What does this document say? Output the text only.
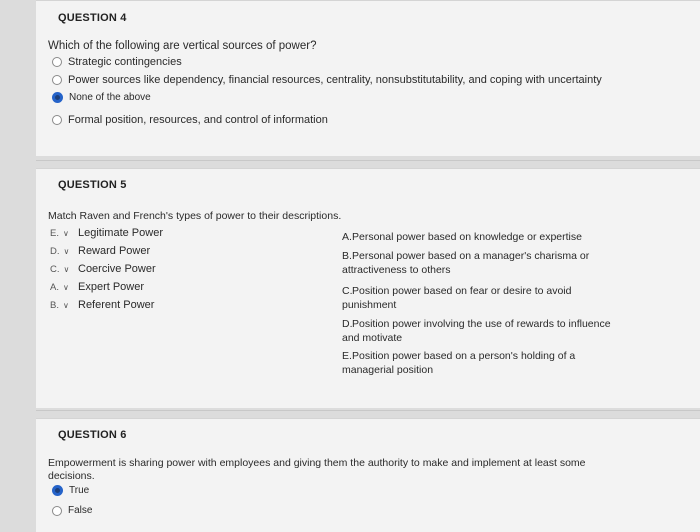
QUESTION 4
Which of the following are vertical sources of power?
Strategic contingencies
Power sources like dependency, financial resources, centrality, nonsubstitutability, and coping with uncertainty
None of the above
Formal position, resources, and control of information
QUESTION 5
Match Raven and French's types of power to their descriptions.
E. ∨ Legitimate Power
D. ∨ Reward Power
C. ∨ Coercive Power
A. ∨ Expert Power
B. ∨ Referent Power
A.Personal power based on knowledge or expertise
B.Personal power based on a manager's charisma or attractiveness to others
C.Position power based on fear or desire to avoid punishment
D.Position power involving the use of rewards to influence and motivate
E.Position power based on a person's holding of a managerial position
QUESTION 6
Empowerment is sharing power with employees and giving them the authority to make and implement at least some decisions.
True
False
